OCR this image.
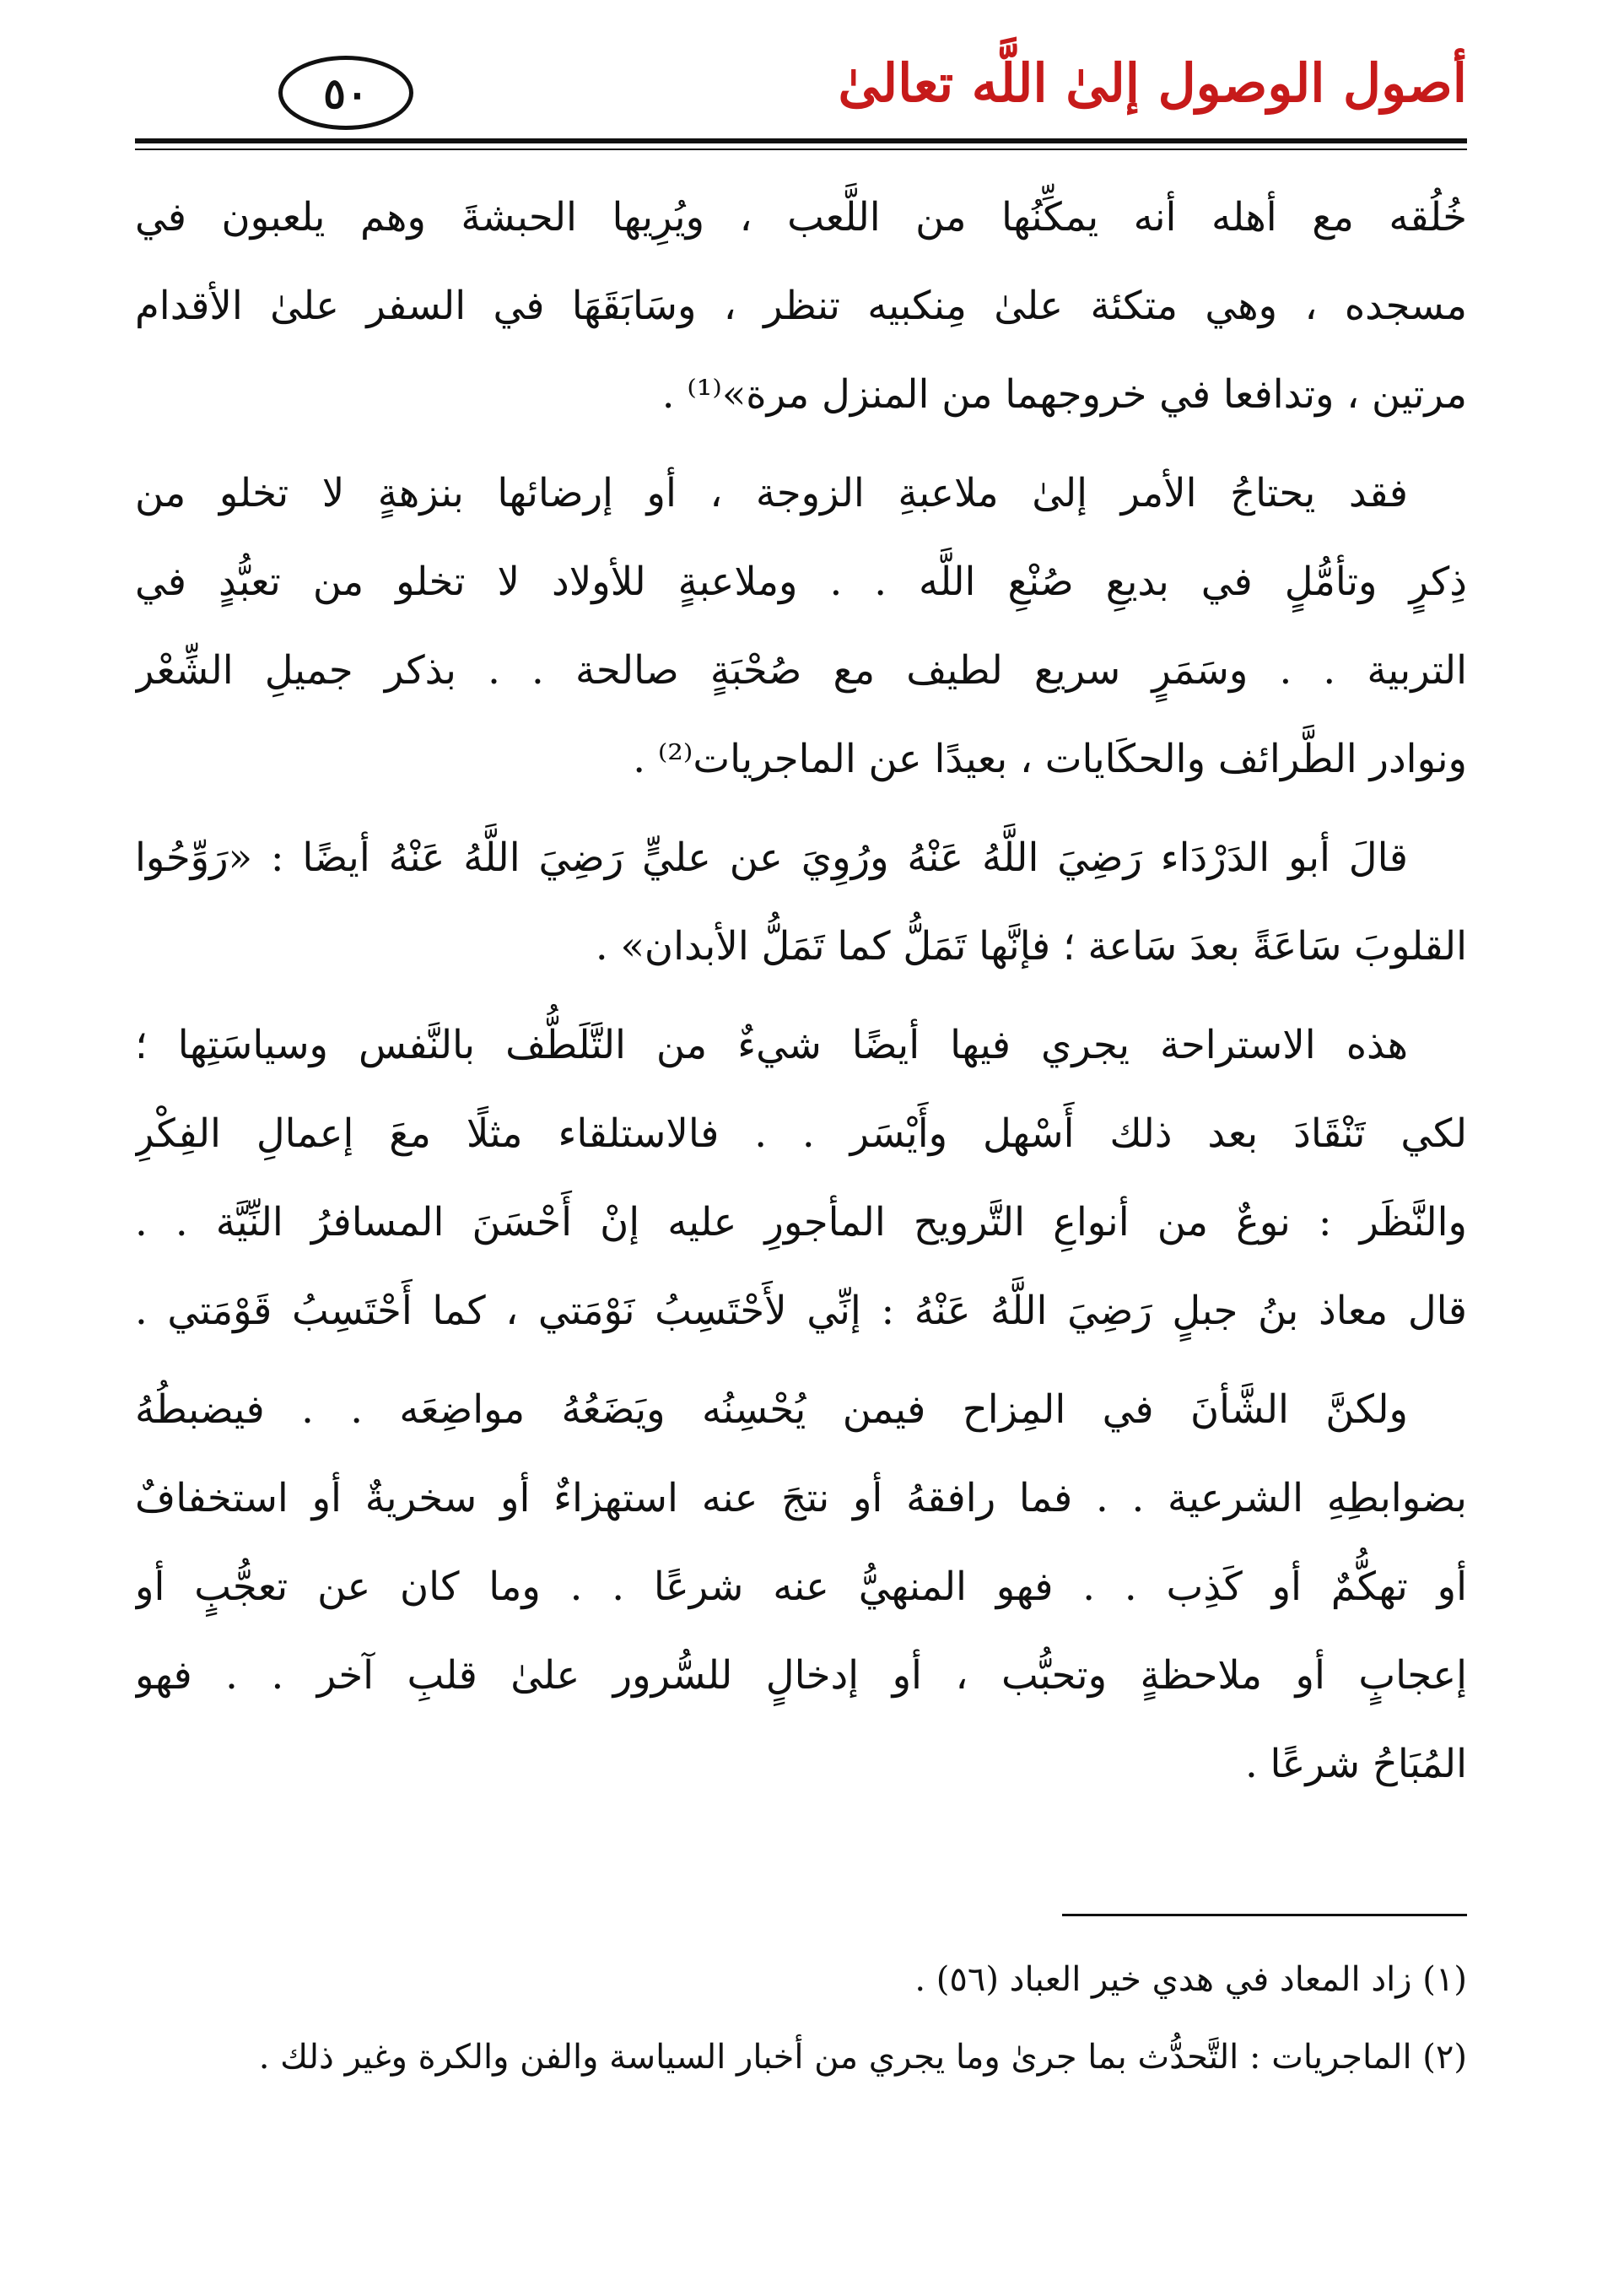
أصول الوصول إلىٰ اللَّه تعالىٰ
٥٠

خُلُقه مع أهله أنه يمكِّنُها من اللَّعب ، ويُرِيها الحبشةَ وهم يلعبون في
مسجده ، وهي متكئة علىٰ مِنكبيه تنظر ، وسَابَقَهَا في السفر علىٰ الأقدام
مرتين ، وتدافعا في خروجهما من المنزل مرة»⁽¹⁾ .

فقد يحتاجُ الأمر إلىٰ ملاعبةِ الزوجة ، أو إرضائها بنزهةٍ لا تخلو من
ذِكرٍ وتأمُّلٍ في بديعِ صُنْعِ اللَّه . . وملاعبةٍ للأولاد لا تخلو من تعبُّدٍ في
التربية . . وسَمَرٍ سريع لطيف مع صُحْبَةٍ صالحة . . بذكر جميلِ الشِّعْر
ونوادر الطَّرائف والحكَايات ، بعيدًا عن الماجريات⁽²⁾ .

قالَ أبو الدَرْدَاء رَضِيَ اللَّهُ عَنْهُ ورُوِيَ عن عليٍّ رَضِيَ اللَّهُ عَنْهُ أيضًا : «رَوِّحُوا
القلوبَ سَاعَةً بعدَ سَاعة ؛ فإنَّها تَمَلُّ كما تَمَلُّ الأبدان» .

هذه الاستراحة يجري فيها أيضًا شيءٌ من التَّلَطُّف بالنَّفس وسياسَتِها ؛
لكي تَنْقَادَ بعد ذلك أَسْهل وأَيْسَر . . فالاستلقاء مثلًا معَ إعمالِ الفِكْرِ
والنَّظَر : نوعٌ من أنواعِ التَّرويح المأجورِ عليه إنْ أَحْسَنَ المسافرُ النِّيَّة . .
قال معاذ بنُ جبلٍ رَضِيَ اللَّهُ عَنْهُ : إنِّي لأَحْتَسِبُ نَوْمَتي ، كما أَحْتَسِبُ قَوْمَتي .

ولكنَّ الشَّأنَ في المِزاح فيمن يُحْسِنُه ويَضَعُهُ مواضِعَه . . فيضبطُهُ
بضوابطِهِ الشرعية . . فما رافقهُ أو نتجَ عنه استهزاءٌ أو سخريةٌ أو استخفافٌ
أو تهكُّمٌ أو كَذِب . . فهو المنهيُّ عنه شرعًا . . وما كان عن تعجُّبٍ أو
إعجابٍ أو ملاحظةٍ وتحبُّب ، أو إدخالٍ للسُّرور علىٰ قلبِ آخر . . فهو
المُبَاحُ شرعًا .

(١) زاد المعاد في هدي خير العباد (٥٦) .
(٢) الماجريات : التَّحدُّث بما جرىٰ وما يجري من أخبار السياسة والفن والكرة وغير ذلك .
